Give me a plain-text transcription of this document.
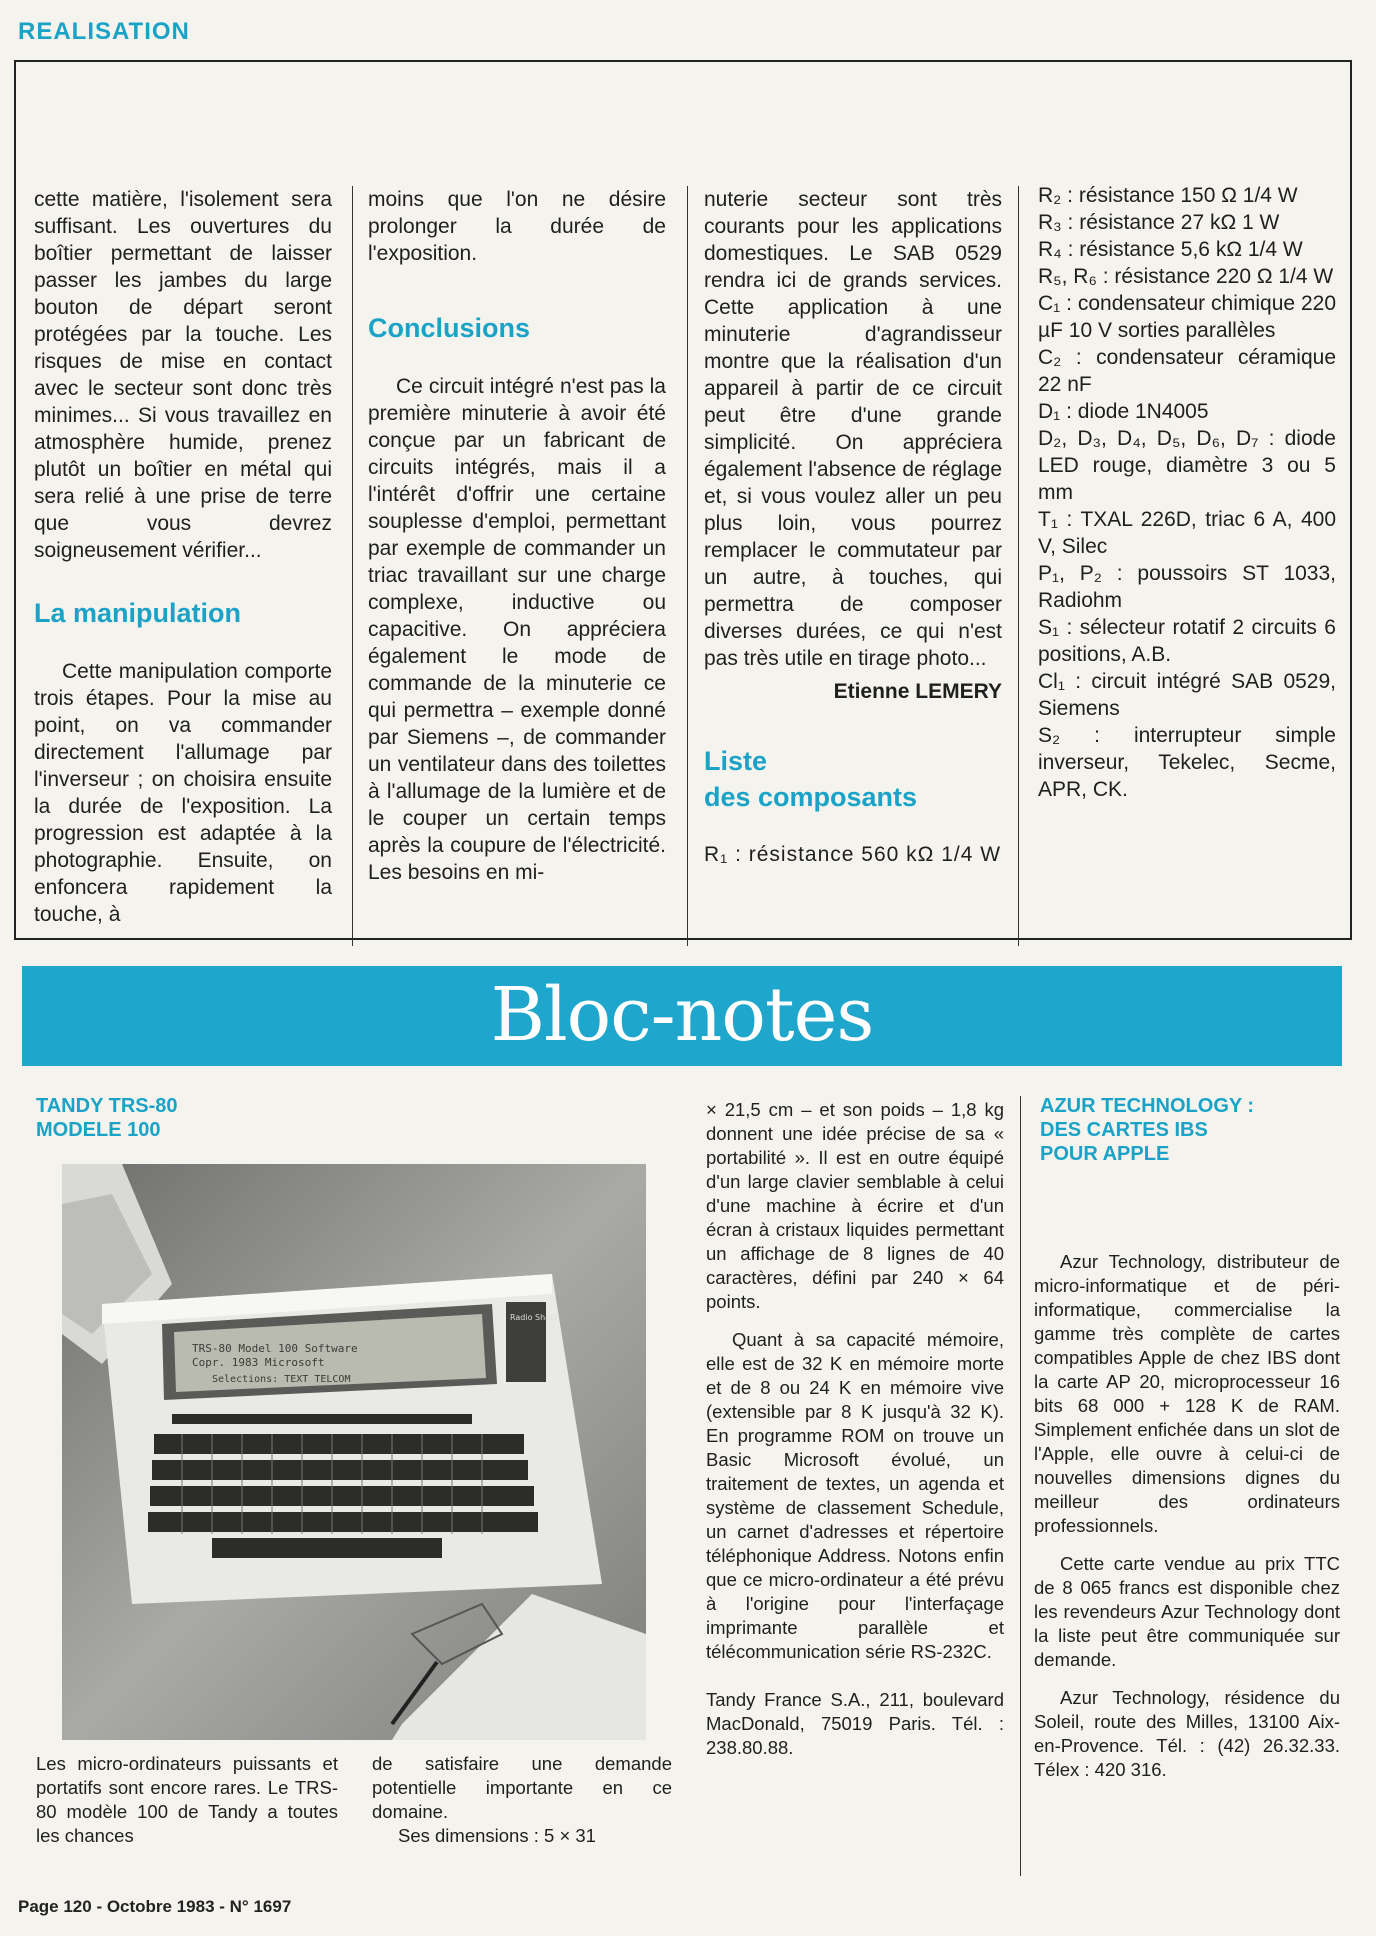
REALISATION

cette matière, l'isolement sera suffisant. Les ouvertures du boîtier permettant de laisser passer les jambes du large bouton de départ seront protégées par la touche. Les risques de mise en contact avec le secteur sont donc très minimes... Si vous travaillez en atmosphère humide, prenez plutôt un boîtier en métal qui sera relié à une prise de terre que vous devrez soigneusement vérifier...

La manipulation

Cette manipulation comporte trois étapes. Pour la mise au point, on va commander directement l'allumage par l'inverseur ; on choisira ensuite la durée de l'exposition. La progression est adaptée à la photographie. Ensuite, on enfoncera rapidement la touche, à

moins que l'on ne désire prolonger la durée de l'exposition.

Conclusions

Ce circuit intégré n'est pas la première minuterie à avoir été conçue par un fabricant de circuits intégrés, mais il a l'intérêt d'offrir une certaine souplesse d'emploi, permettant par exemple de commander un triac travaillant sur une charge complexe, inductive ou capacitive. On appréciera également le mode de commande de la minuterie ce qui permettra – exemple donné par Siemens –, de commander un ventilateur dans des toilettes à l'allumage de la lumière et de le couper un certain temps après la coupure de l'électricité. Les besoins en mi-

nuterie secteur sont très courants pour les applications domestiques. Le SAB 0529 rendra ici de grands services. Cette application à une minuterie d'agrandisseur montre que la réalisation d'un appareil à partir de ce circuit peut être d'une grande simplicité. On appréciera également l'absence de réglage et, si vous voulez aller un peu plus loin, vous pourrez remplacer le commutateur par un autre, à touches, qui permettra de composer diverses durées, ce qui n'est pas très utile en tirage photo...

Etienne LEMERY
Liste
des composants

R₁ : résistance 560 kΩ 1/4 W

R₂ : résistance 150 Ω 1/4 W

R₃ : résistance 27 kΩ 1 W

R₄ : résistance 5,6 kΩ 1/4 W

R₅, R₆ : résistance 220 Ω 1/4 W

C₁ : condensateur chimique 220 µF 10 V sorties parallèles

C₂ : condensateur céramique 22 nF

D₁ : diode 1N4005

D₂, D₃, D₄, D₅, D₆, D₇ : diode LED rouge, diamètre 3 ou 5 mm

T₁ : TXAL 226D, triac 6 A, 400 V, Silec

P₁, P₂ : poussoirs ST 1033, Radiohm

S₁ : sélecteur rotatif 2 circuits 6 positions, A.B.

Cl₁ : circuit intégré SAB 0529, Siemens

S₂ : interrupteur simple inverseur, Tekelec, Secme, APR, CK.

Bloc-notes
TANDY TRS-80
MODELE 100
TRS-80 Model 100 Software
Copr. 1983 Microsoft
Selections: TEXT TELCOM
Radio Shack

Les micro-ordinateurs puissants et portatifs sont encore rares. Le TRS-80 modèle 100 de Tandy a toutes les chances

de satisfaire une demande potentielle importante en ce domaine.

Ses dimensions : 5 × 31

× 21,5 cm – et son poids – 1,8 kg donnent une idée précise de sa « portabilité ». Il est en outre équipé d'un large clavier semblable à celui d'une machine à écrire et d'un écran à cristaux liquides permettant un affichage de 8 lignes de 40 caractères, défini par 240 × 64 points.

Quant à sa capacité mémoire, elle est de 32 K en mémoire morte et de 8 ou 24 K en mémoire vive (extensible par 8 K jusqu'à 32 K). En programme ROM on trouve un Basic Microsoft évolué, un traitement de textes, un agenda et système de classement Schedule, un carnet d'adresses et répertoire téléphonique Address. Notons enfin que ce micro-ordinateur a été prévu à l'origine pour l'interfaçage imprimante parallèle et télécommunication série RS-232C.

Tandy France S.A., 211, boulevard MacDonald, 75019 Paris. Tél. : 238.80.88.

AZUR TECHNOLOGY :
DES CARTES IBS
POUR APPLE

Azur Technology, distributeur de micro-informatique et de péri-informatique, commercialise la gamme très complète de cartes compatibles Apple de chez IBS dont la carte AP 20, microprocesseur 16 bits 68 000 + 128 K de RAM. Simplement enfichée dans un slot de l'Apple, elle ouvre à celui-ci de nouvelles dimensions dignes du meilleur des ordinateurs professionnels.

Cette carte vendue au prix TTC de 8 065 francs est disponible chez les revendeurs Azur Technology dont la liste peut être communiquée sur demande.

Azur Technology, résidence du Soleil, route des Milles, 13100 Aix-en-Provence. Tél. : (42) 26.32.33. Télex : 420 316.

Page 120 - Octobre 1983 - N° 1697
